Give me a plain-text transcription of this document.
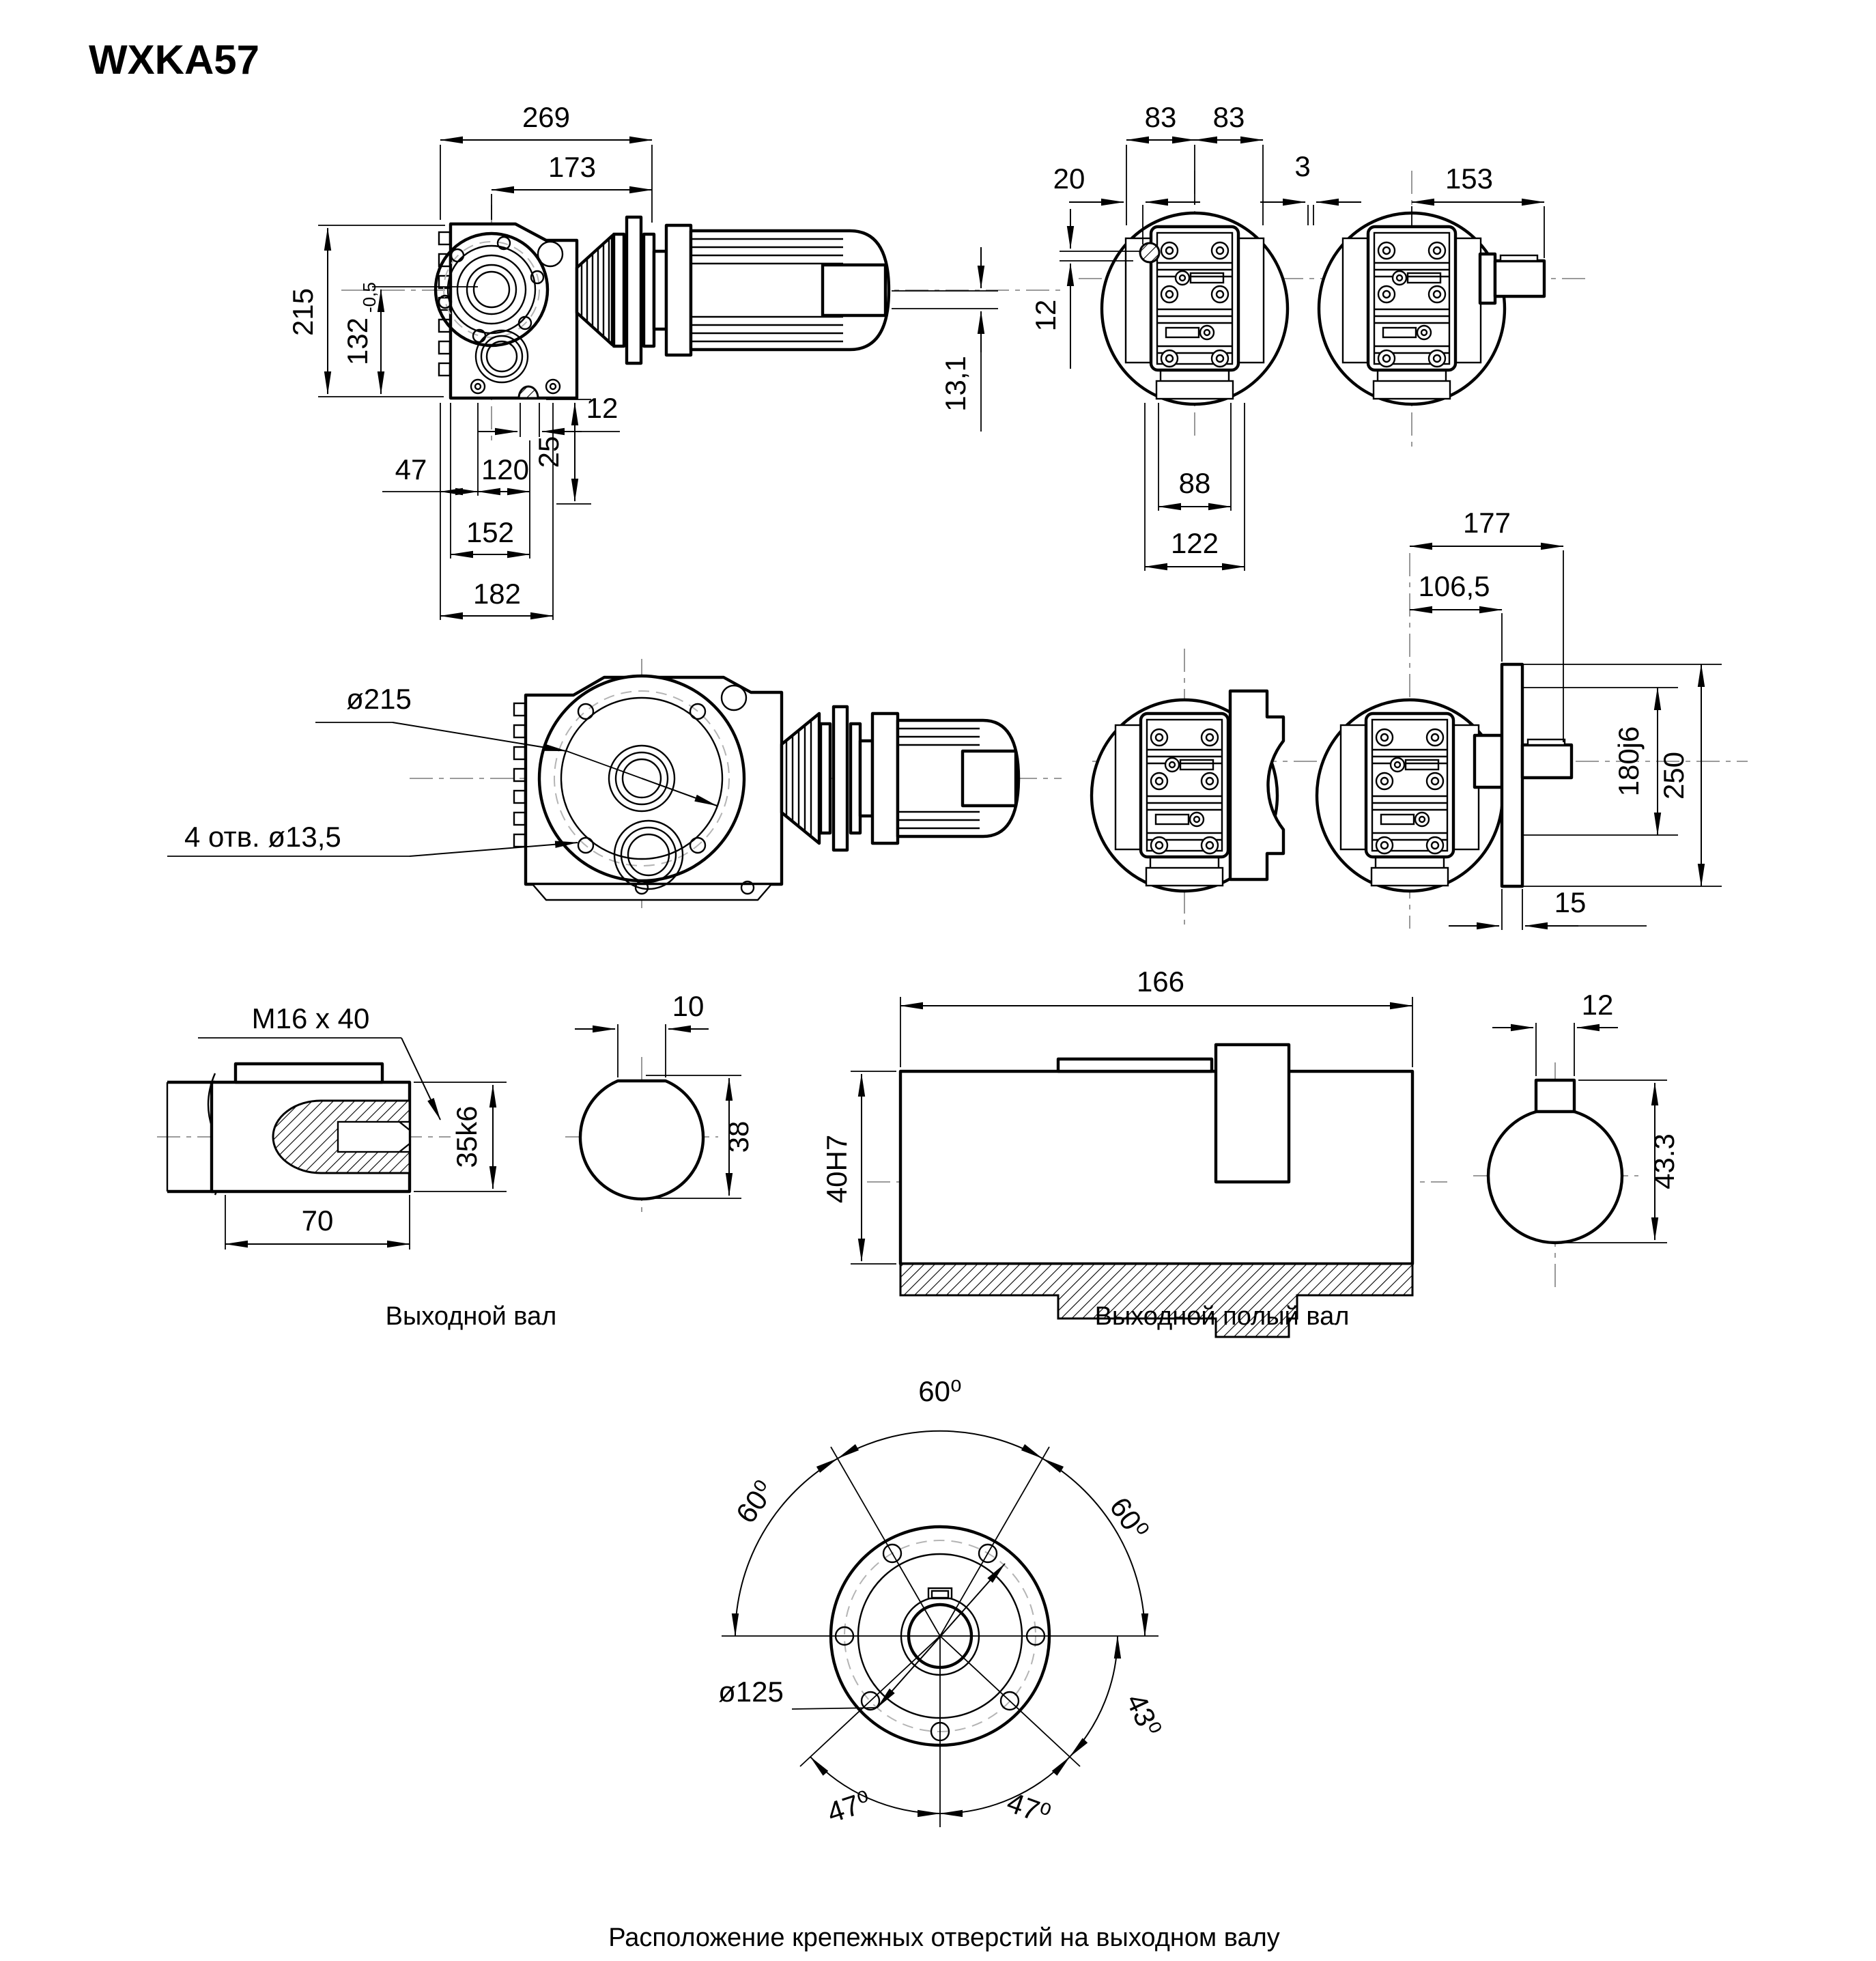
WXKA57
269
173
215
132
-0,5
12
25
13,1
47 120
152
182
83 83
20
12
3	153
88
122
ø215
4 отв. ø13,5
177
106,5
180j6 250
15
M16 x 40
35k6
70
10
38
Выходной вал
166
40H7
12
43.3
Выходной полый вал
60⁰
60⁰	60⁰
43⁰
47⁰	47⁰
ø125
Расположение крепежных отверстий на выходном валу
